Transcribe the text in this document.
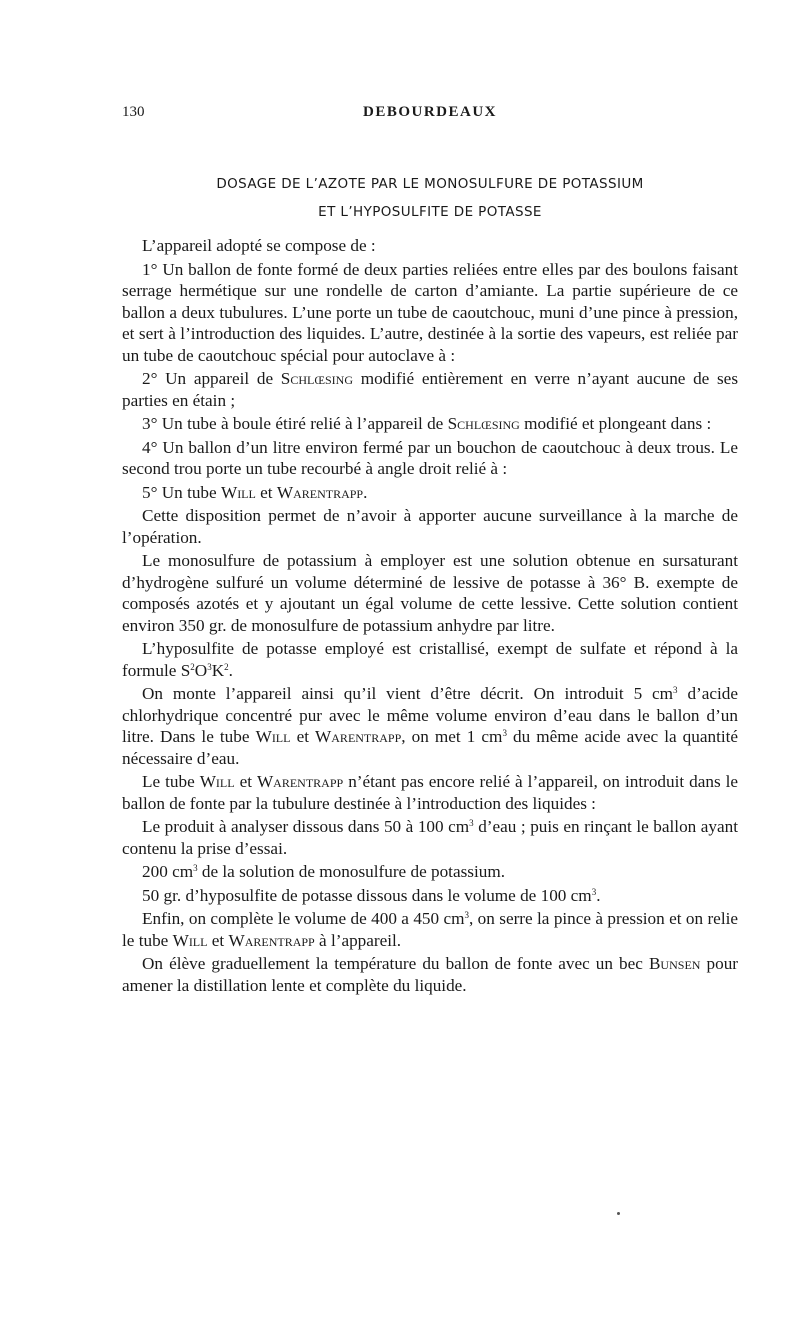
130	DEBOURDEAUX
DOSAGE DE L’AZOTE PAR LE MONOSULFURE DE POTASSIUM
ET L’HYPOSULFITE DE POTASSE

L’appareil adopté se compose de :

1° Un ballon de fonte formé de deux parties reliées entre elles par des boulons faisant serrage hermétique sur une rondelle de carton d’amiante. La partie supérieure de ce ballon a deux tubulures. L’une porte un tube de caoutchouc, muni d’une pince à pression, et sert à l’introduction des liquides. L’autre, destinée à la sortie des vapeurs, est reliée par un tube de caoutchouc spécial pour autoclave à :

2° Un appareil de Schlœsing modifié entièrement en verre n’ayant aucune de ses parties en étain ;

3° Un tube à boule étiré relié à l’appareil de Schlœsing modifié et plongeant dans :

4° Un ballon d’un litre environ fermé par un bouchon de caoutchouc à deux trous. Le second trou porte un tube recourbé à angle droit relié à :

5° Un tube Will et Warentrapp.

Cette disposition permet de n’avoir à apporter aucune surveillance à la marche de l’opération.

Le monosulfure de potassium à employer est une solution obtenue en sursaturant d’hydrogène sulfuré un volume déterminé de lessive de potasse à 36° B. exempte de composés azotés et y ajoutant un égal volume de cette lessive. Cette solution contient environ 350 gr. de monosulfure de potassium anhydre par litre.

L’hyposulfite de potasse employé est cristallisé, exempt de sulfate et répond à la formule $S^2O^3K^2$.

On monte l’appareil ainsi qu’il vient d’être décrit. On introduit 5 $cm^3$ d’acide chlorhydrique concentré pur avec le même volume environ d’eau dans le ballon d’un litre. Dans le tube Will et Warentrapp, on met 1 $cm^3$ du même acide avec la quantité nécessaire d’eau.

Le tube Will et Warentrapp n’étant pas encore relié à l’appareil, on introduit dans le ballon de fonte par la tubulure destinée à l’introduction des liquides :

Le produit à analyser dissous dans 50 à 100 $cm^3$ d’eau ; puis en rinçant le ballon ayant contenu la prise d’essai.

200 $cm^3$ de la solution de monosulfure de potassium.

50 gr. d’hyposulfite de potasse dissous dans le volume de 100 $cm^3$.

Enfin, on complète le volume de 400 a 450 $cm^3$, on serre la pince à pression et on relie le tube Will et Warentrapp à l’appareil.

On élève graduellement la température du ballon de fonte avec un bec Bunsen pour amener la distillation lente et complète du liquide.
